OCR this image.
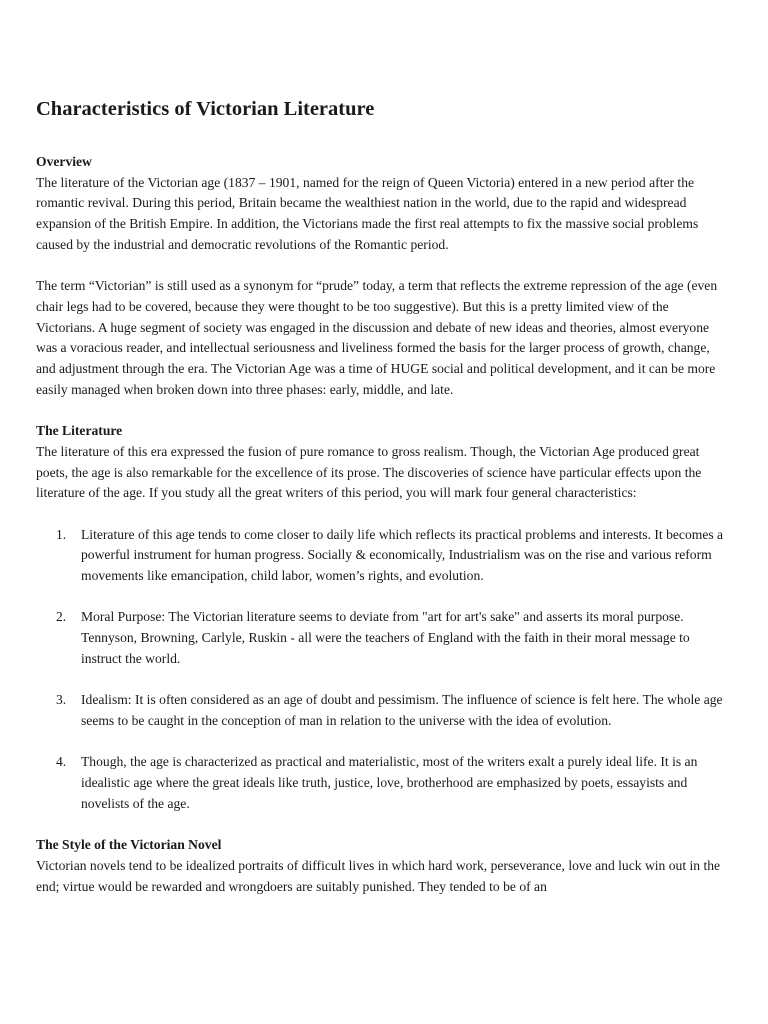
Characteristics of Victorian Literature

Overview

The literature of the Victorian age (1837 – 1901, named for the reign of Queen Victoria) entered in a new period after the romantic revival. During this period, Britain became the wealthiest nation in the world, due to the rapid and widespread expansion of the British Empire. In addition, the Victorians made the first real attempts to fix the massive social problems caused by the industrial and democratic revolutions of the Romantic period.

The term “Victorian” is still used as a synonym for “prude” today, a term that reflects the extreme repression of the age (even chair legs had to be covered, because they were thought to be too suggestive). But this is a pretty limited view of the Victorians. A huge segment of society was engaged in the discussion and debate of new ideas and theories, almost everyone was a voracious reader, and intellectual seriousness and liveliness formed the basis for the larger process of growth, change, and adjustment through the era. The Victorian Age was a time of HUGE social and political development, and it can be more easily managed when broken down into three phases: early, middle, and late.

The Literature

The literature of this era expressed the fusion of pure romance to gross realism. Though, the Victorian Age produced great poets, the age is also remarkable for the excellence of its prose. The discoveries of science have particular effects upon the literature of the age. If you study all the great writers of this period, you will mark four general characteristics:

1. Literature of this age tends to come closer to daily life which reflects its practical problems and interests. It becomes a powerful instrument for human progress. Socially & economically, Industrialism was on the rise and various reform movements like emancipation, child labor, women’s rights, and evolution.
2. Moral Purpose: The Victorian literature seems to deviate from "art for art's sake" and asserts its moral purpose. Tennyson, Browning, Carlyle, Ruskin - all were the teachers of England with the faith in their moral message to instruct the world.
3. Idealism: It is often considered as an age of doubt and pessimism. The influence of science is felt here. The whole age seems to be caught in the conception of man in relation to the universe with the idea of evolution.
4. Though, the age is characterized as practical and materialistic, most of the writers exalt a purely ideal life. It is an idealistic age where the great ideals like truth, justice, love, brotherhood are emphasized by poets, essayists and novelists of the age.

The Style of the Victorian Novel

Victorian novels tend to be idealized portraits of difficult lives in which hard work, perseverance, love and luck win out in the end; virtue would be rewarded and wrongdoers are suitably punished. They tended to be of an
